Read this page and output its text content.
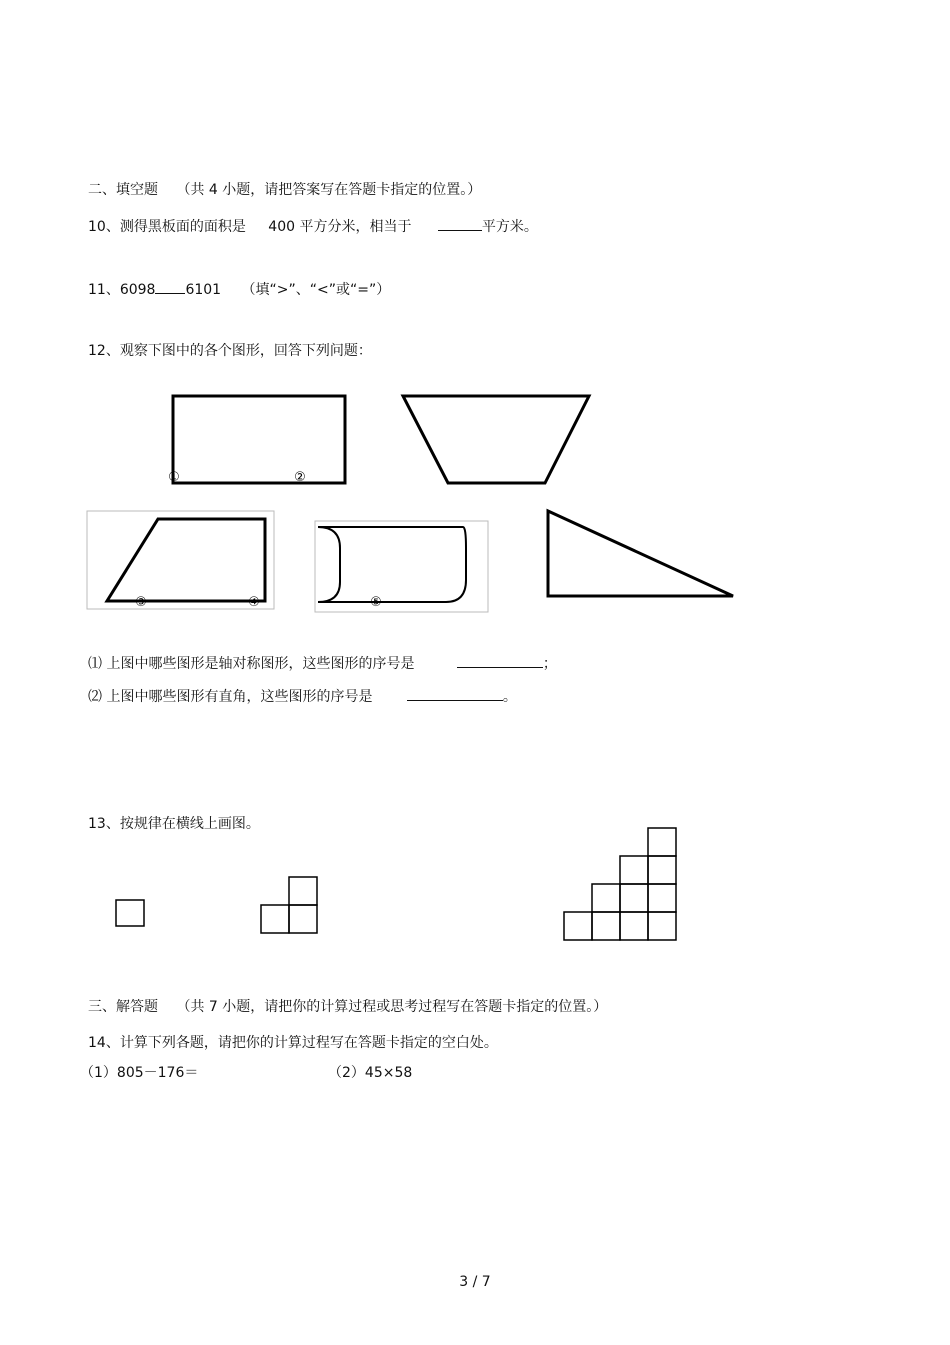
二、填空题 （共 4 小题，请把答案写在答题卡指定的位置。）
10、测得黑板面的面积是 400 平方分米，相当于	平方米。
11、6098 6101 （填“>”、“<”或“=”）
12、观察下图中的各个图形，回答下列问题：
①	②
③	④	⑤
⑴ 上图中哪些图形是轴对称图形，这些图形的序号是	；
⑵ 上图中哪些图形有直角，这些图形的序号是	。
13、按规律在横线上画图。
三、解答题 （共 7 小题，请把你的计算过程或思考过程写在答题卡指定的位置。）
14、计算下列各题，请把你的计算过程写在答题卡指定的空白处。
（1）805－176＝	（2）45×58
3 / 7
